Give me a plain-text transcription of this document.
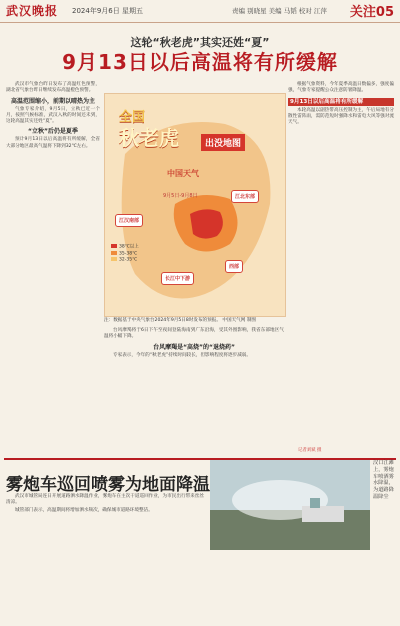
武汉晚报 2024年9月6日 星期五	责编 别晓星 美编 马韬 校对 江萍 关注05
这轮“秋老虎”其实还姓“夏”
9月13日以后高温将有所缓解

武汉市气象台昨日发布了高温红色预警，湖北省气象台昨日继续发布高温橙色预警。

高温范围缩小，前期以晴热为主

气象专家介绍，9月5日，立秋已近一个月，按照气候标准，武汉入秋的时间还未到，这轮高温其实还姓“夏”。

“立秋”后仍是夏季

预计9月13日以后高温将有所缓解，全省大部分地区最高气温将下降到32℃左右。

全国
秋老虎	出没地图
中国天气
9月5日-9月8日
江汉南部
江北东部
西部
长江中下游
38℃以上
35-38℃
32-35℃
注：数据基于中央气象台2024年9月5日8时发布的预报。 中国天气网 制图

台风摩羯将于6日下午至夜间登陆海南到广东沿海，受其外围影响，我省东部地区气温将小幅下降。

台风摩羯是“高烧”的“退烧药”

专家表示，今年的“秋老虎”持续时间较长，但影响程度将逐步减弱。

根据气象资料，今年夏季高温日数偏多，强度偏强，气象专家提醒公众注意防暑降温。

9月13日以后高温将有所缓解

本轮高温以副热带高压控制为主，午后局地有分散性雷阵雨，需防范短时强降水和雷电大风等强对流天气。

雾炮车巡回喷雾为地面降温

武汉市城管局连日开展道路洒水降温作业，雾炮车在主次干道巡回作业，为市民出行带来丝丝清凉。

城管部门表示，高温期间将增加洒水频次，确保城市道路环境整洁。

汉口江滩上，雾炮车喷洒雾水降温，为道路降温降尘
记者刘斌 摄
